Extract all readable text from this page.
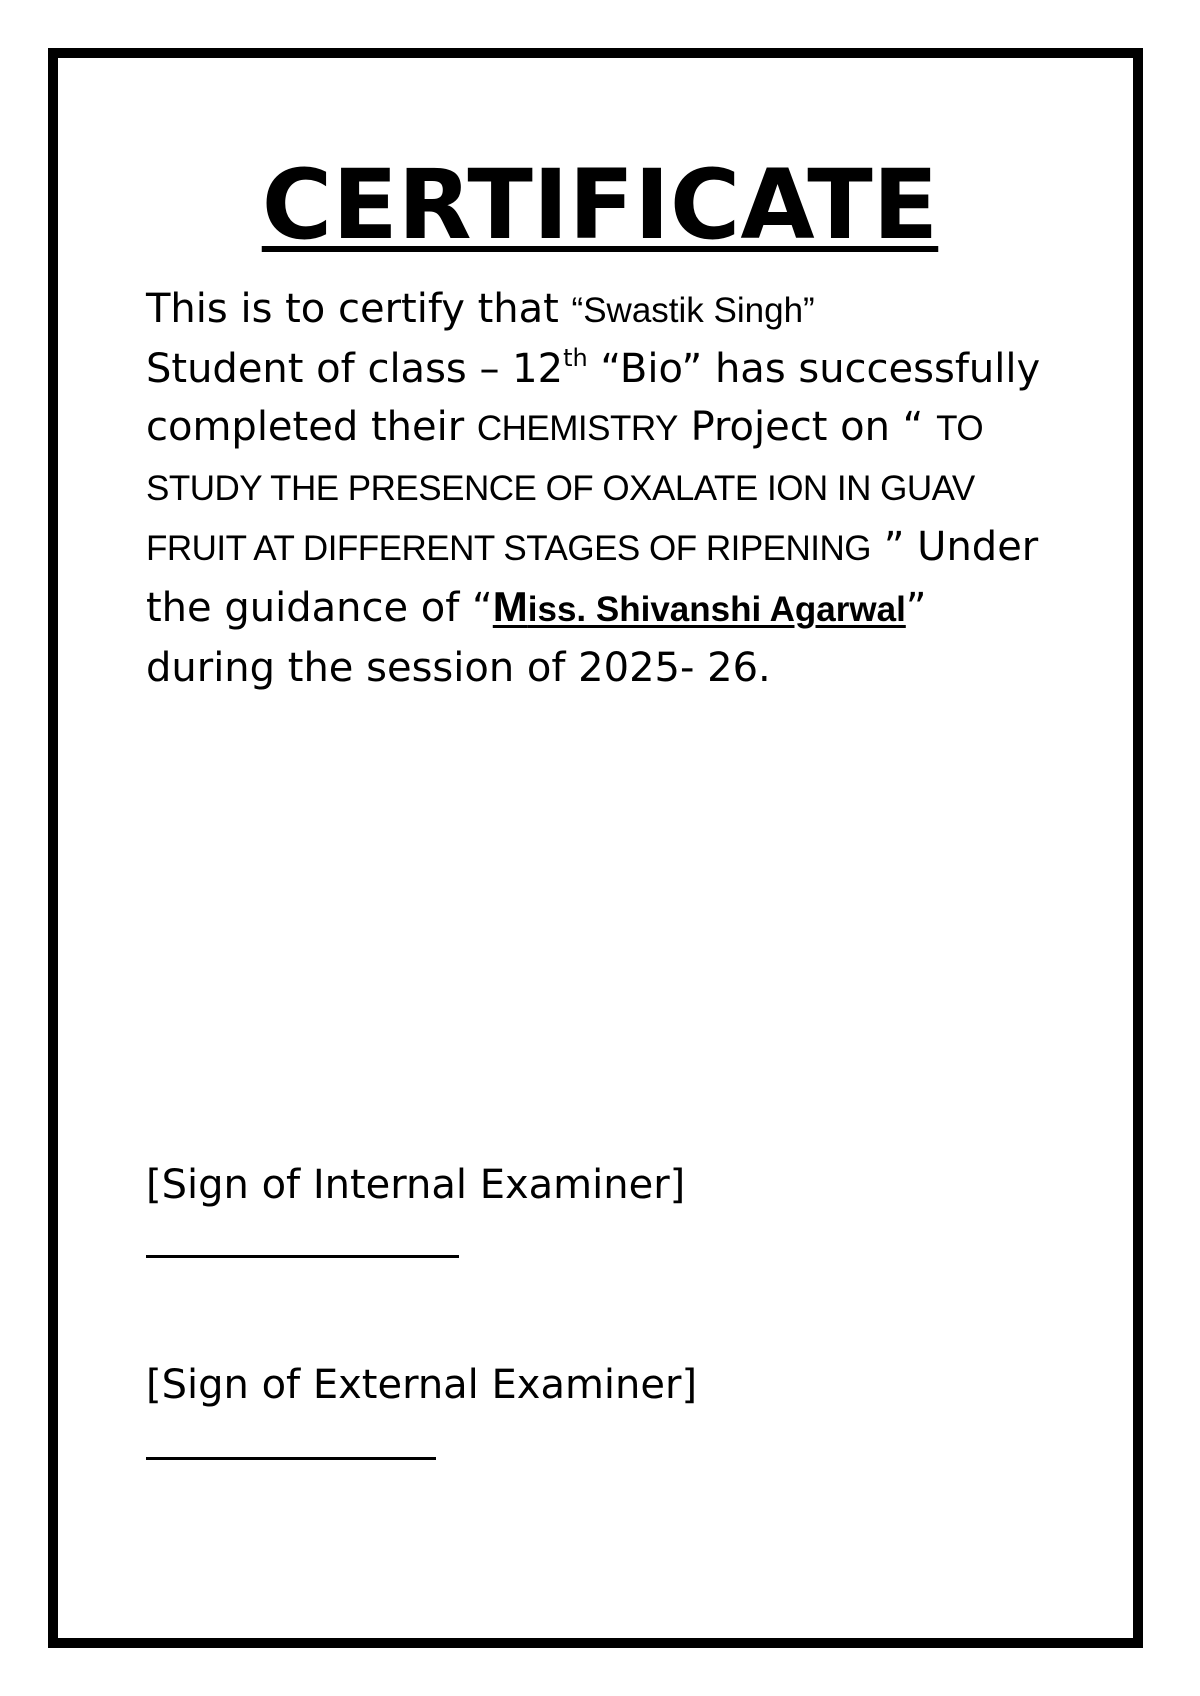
CERTIFICATE

This is to certify that “Swastik Singh”
Student of class – 12th “Bio” has successfully completed their CHEMISTRY Project on “ TO STUDY THE PRESENCE OF OXALATE ION IN GUAV FRUIT AT DIFFERENT STAGES OF RIPENING ” Under the guidance of “Miss. Shivanshi Agarwal” during the session of 2025- 26.

[Sign of Internal Examiner]

[Sign of External Examiner]
